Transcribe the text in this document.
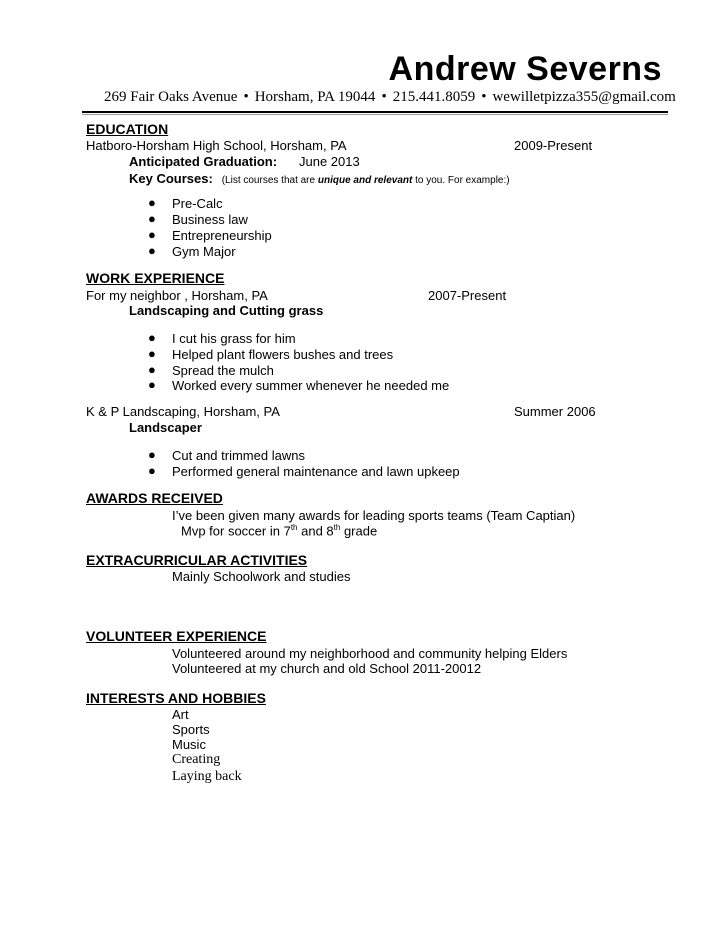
Andrew Severns
269 Fair Oaks Avenue • Horsham, PA 19044 • 215.441.8059 • wewilletpizza355@gmail.com
EDUCATION
Hatboro-Horsham High School, Horsham, PA	2009-Present
Anticipated Graduation: June 2013
Key Courses: (List courses that are unique and relevant to you. For example:)
● Pre-Calc
● Business law
● Entrepreneurship
● Gym Major
WORK EXPERIENCE
For my neighbor , Horsham, PA	2007-Present
Landscaping and Cutting grass
● I cut his grass for him
● Helped plant flowers bushes and trees
● Spread the mulch
● Worked every summer whenever he needed me
K & P Landscaping, Horsham, PA	Summer 2006
Landscaper
● Cut and trimmed lawns
● Performed general maintenance and lawn upkeep
AWARDS RECEIVED
I’ve been given many awards for leading sports teams (Team Captian)
Mvp for soccer in 7th and 8th grade
EXTRACURRICULAR ACTIVITIES
Mainly Schoolwork and studies
VOLUNTEER EXPERIENCE
Volunteered around my neighborhood and community helping Elders
Volunteered at my church and old School 2011-20012
INTERESTS AND HOBBIES
Art
Sports
Music
Creating
Laying back
